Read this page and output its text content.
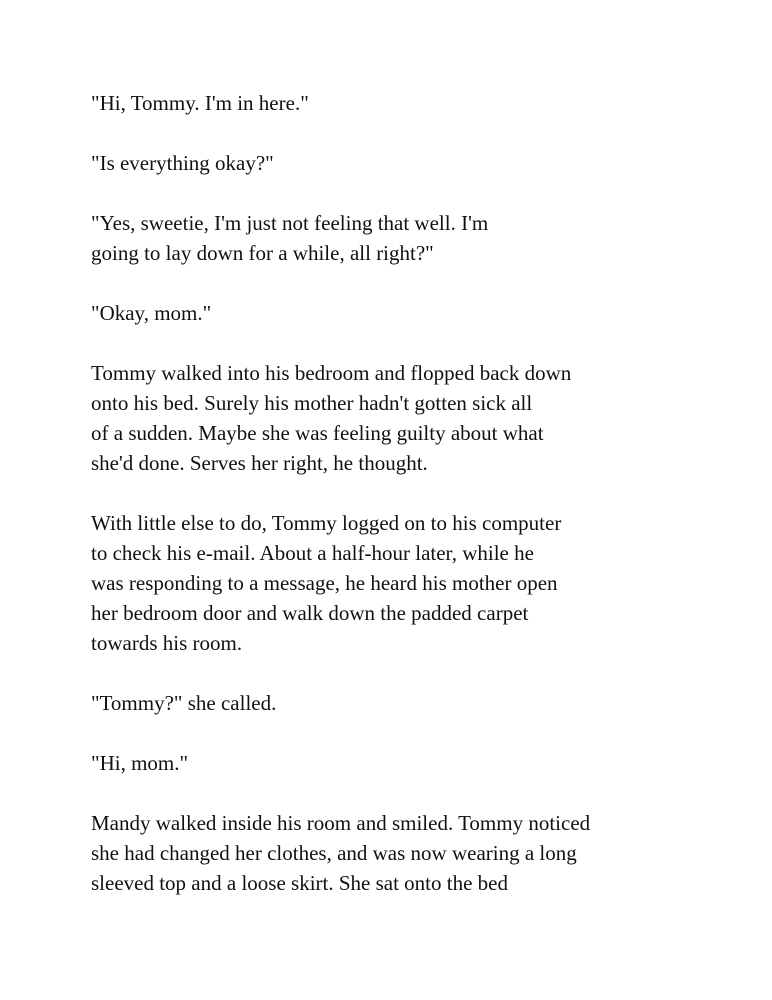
"Hi, Tommy. I'm in here."

"Is everything okay?"

"Yes, sweetie, I'm just not feeling that well. I'm
going to lay down for a while, all right?"

"Okay, mom."

Tommy walked into his bedroom and flopped back down
onto his bed. Surely his mother hadn't gotten sick all
of a sudden. Maybe she was feeling guilty about what
she'd done. Serves her right, he thought.

With little else to do, Tommy logged on to his computer
to check his e-mail. About a half-hour later, while he
was responding to a message, he heard his mother open
her bedroom door and walk down the padded carpet
towards his room.

"Tommy?" she called.

"Hi, mom."

Mandy walked inside his room and smiled. Tommy noticed
she had changed her clothes, and was now wearing a long
sleeved top and a loose skirt. She sat onto the bed
